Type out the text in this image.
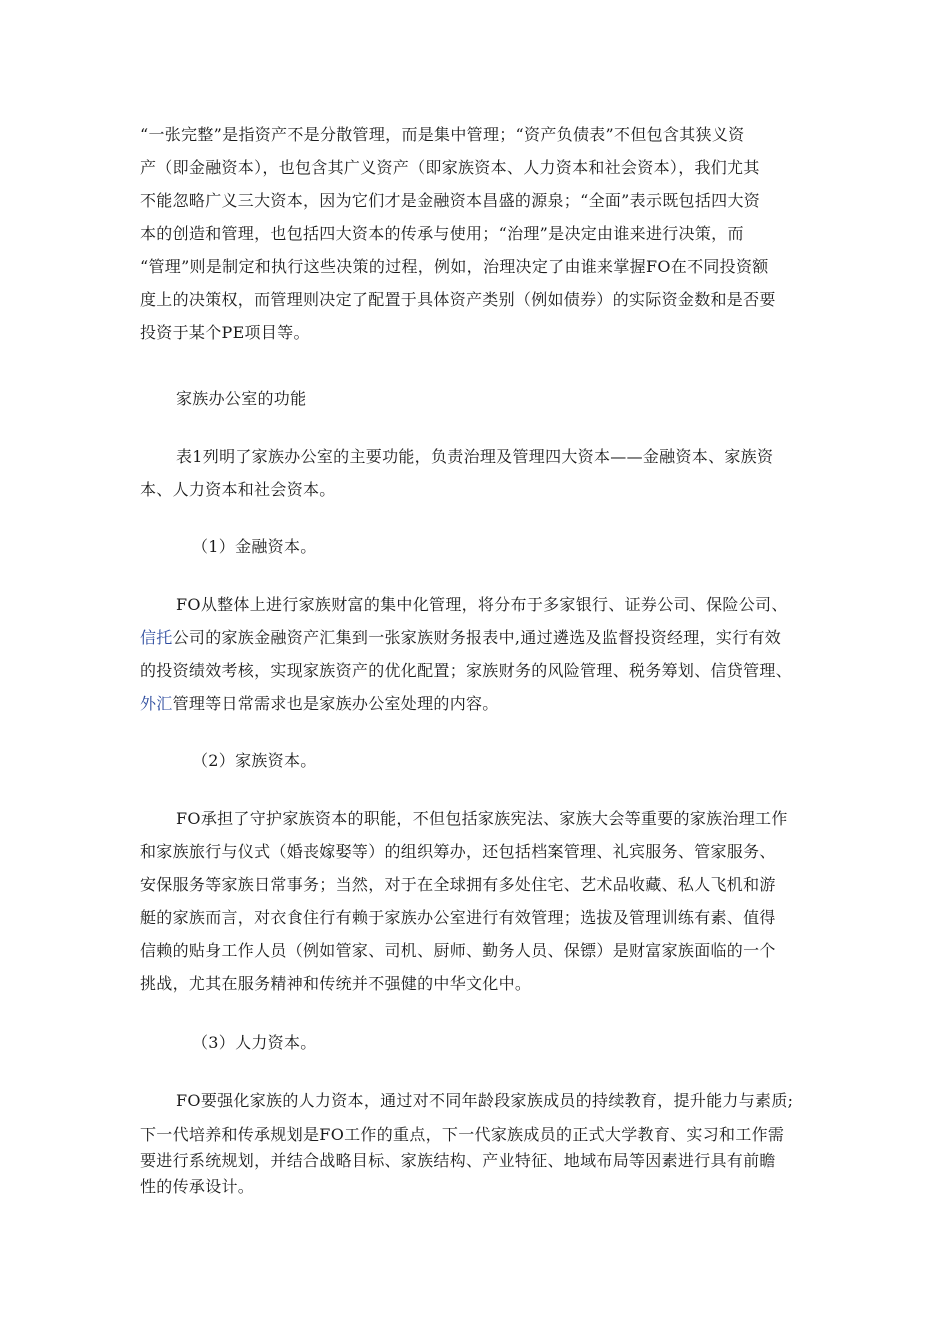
“一张完整”是指资产不是分散管理，而是集中管理；“资产负债表”不但包含其狭义资
产（即金融资本），也包含其广义资产（即家族资本、人力资本和社会资本），我们尤其
不能忽略广义三大资本，因为它们才是金融资本昌盛的源泉；“全面”表示既包括四大资
本的创造和管理，也包括四大资本的传承与使用；“治理”是决定由谁来进行决策，而
“管理”则是制定和执行这些决策的过程，例如，治理决定了由谁来掌握FO在不同投资额
度上的决策权，而管理则决定了配置于具体资产类别（例如债券）的实际资金数和是否要
投资于某个PE项目等。
家族办公室的功能
表1列明了家族办公室的主要功能，负责治理及管理四大资本——金融资本、家族资
本、人力资本和社会资本。
（1）金融资本。
FO从整体上进行家族财富的集中化管理，将分布于多家银行、证券公司、保险公司、
信托公司的家族金融资产汇集到一张家族财务报表中,通过遴选及监督投资经理，实行有效
的投资绩效考核，实现家族资产的优化配置；家族财务的风险管理、税务筹划、信贷管理、
外汇管理等日常需求也是家族办公室处理的内容。
（2）家族资本。
FO承担了守护家族资本的职能，不但包括家族宪法、家族大会等重要的家族治理工作
和家族旅行与仪式（婚丧嫁娶等）的组织筹办，还包括档案管理、礼宾服务、管家服务、
安保服务等家族日常事务；当然，对于在全球拥有多处住宅、艺术品收藏、私人飞机和游
艇的家族而言，对衣食住行有赖于家族办公室进行有效管理；选拔及管理训练有素、值得
信赖的贴身工作人员（例如管家、司机、厨师、勤务人员、保镖）是财富家族面临的一个
挑战，尤其在服务精神和传统并不强健的中华文化中。
（3）人力资本。
FO要强化家族的人力资本，通过对不同年龄段家族成员的持续教育，提升能力与素质;
下一代培养和传承规划是FO工作的重点，下一代家族成员的正式大学教育、实习和工作需
要进行系统规划，并结合战略目标、家族结构、产业特征、地域布局等因素进行具有前瞻
性的传承设计。
